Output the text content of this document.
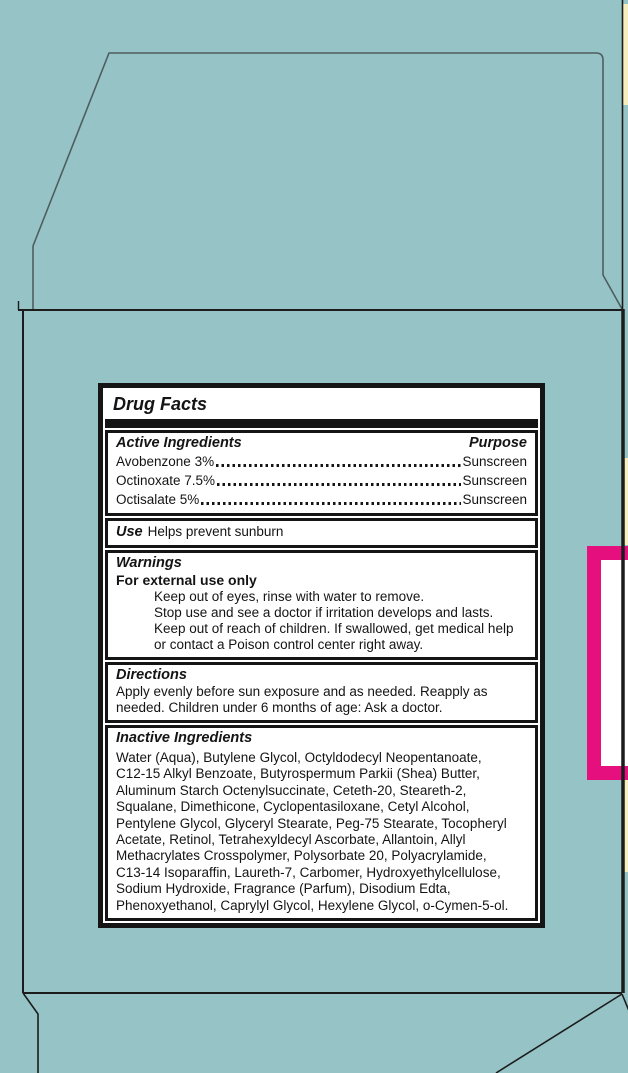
Drug Facts
Active Ingredients	Purpose
Avobenzone 3%	Sunscreen
Octinoxate 7.5%	Sunscreen
Octisalate 5%	Sunscreen
Use Helps prevent sunburn
Warnings
For external use only
Keep out of eyes, rinse with water to remove.
Stop use and see a doctor if irritation develops and lasts.
Keep out of reach of children. If swallowed, get medical help
or contact a Poison control center right away.
Directions
Apply evenly before sun exposure and as needed. Reapply as
needed. Children under 6 months of age: Ask a doctor.
Inactive Ingredients
Water (Aqua), Butylene Glycol, Octyldodecyl Neopentanoate,
C12-15 Alkyl Benzoate, Butyrospermum Parkii (Shea) Butter,
Aluminum Starch Octenylsuccinate, Ceteth-20, Steareth-2,
Squalane, Dimethicone, Cyclopentasiloxane, Cetyl Alcohol,
Pentylene Glycol, Glyceryl Stearate, Peg-75 Stearate, Tocopheryl
Acetate, Retinol, Tetrahexyldecyl Ascorbate, Allantoin, Allyl
Methacrylates Crosspolymer, Polysorbate 20, Polyacrylamide,
C13-14 Isoparaffin, Laureth-7, Carbomer, Hydroxyethylcellulose,
Sodium Hydroxide, Fragrance (Parfum), Disodium Edta,
Phenoxyethanol, Caprylyl Glycol, Hexylene Glycol, o-Cymen-5-ol.
